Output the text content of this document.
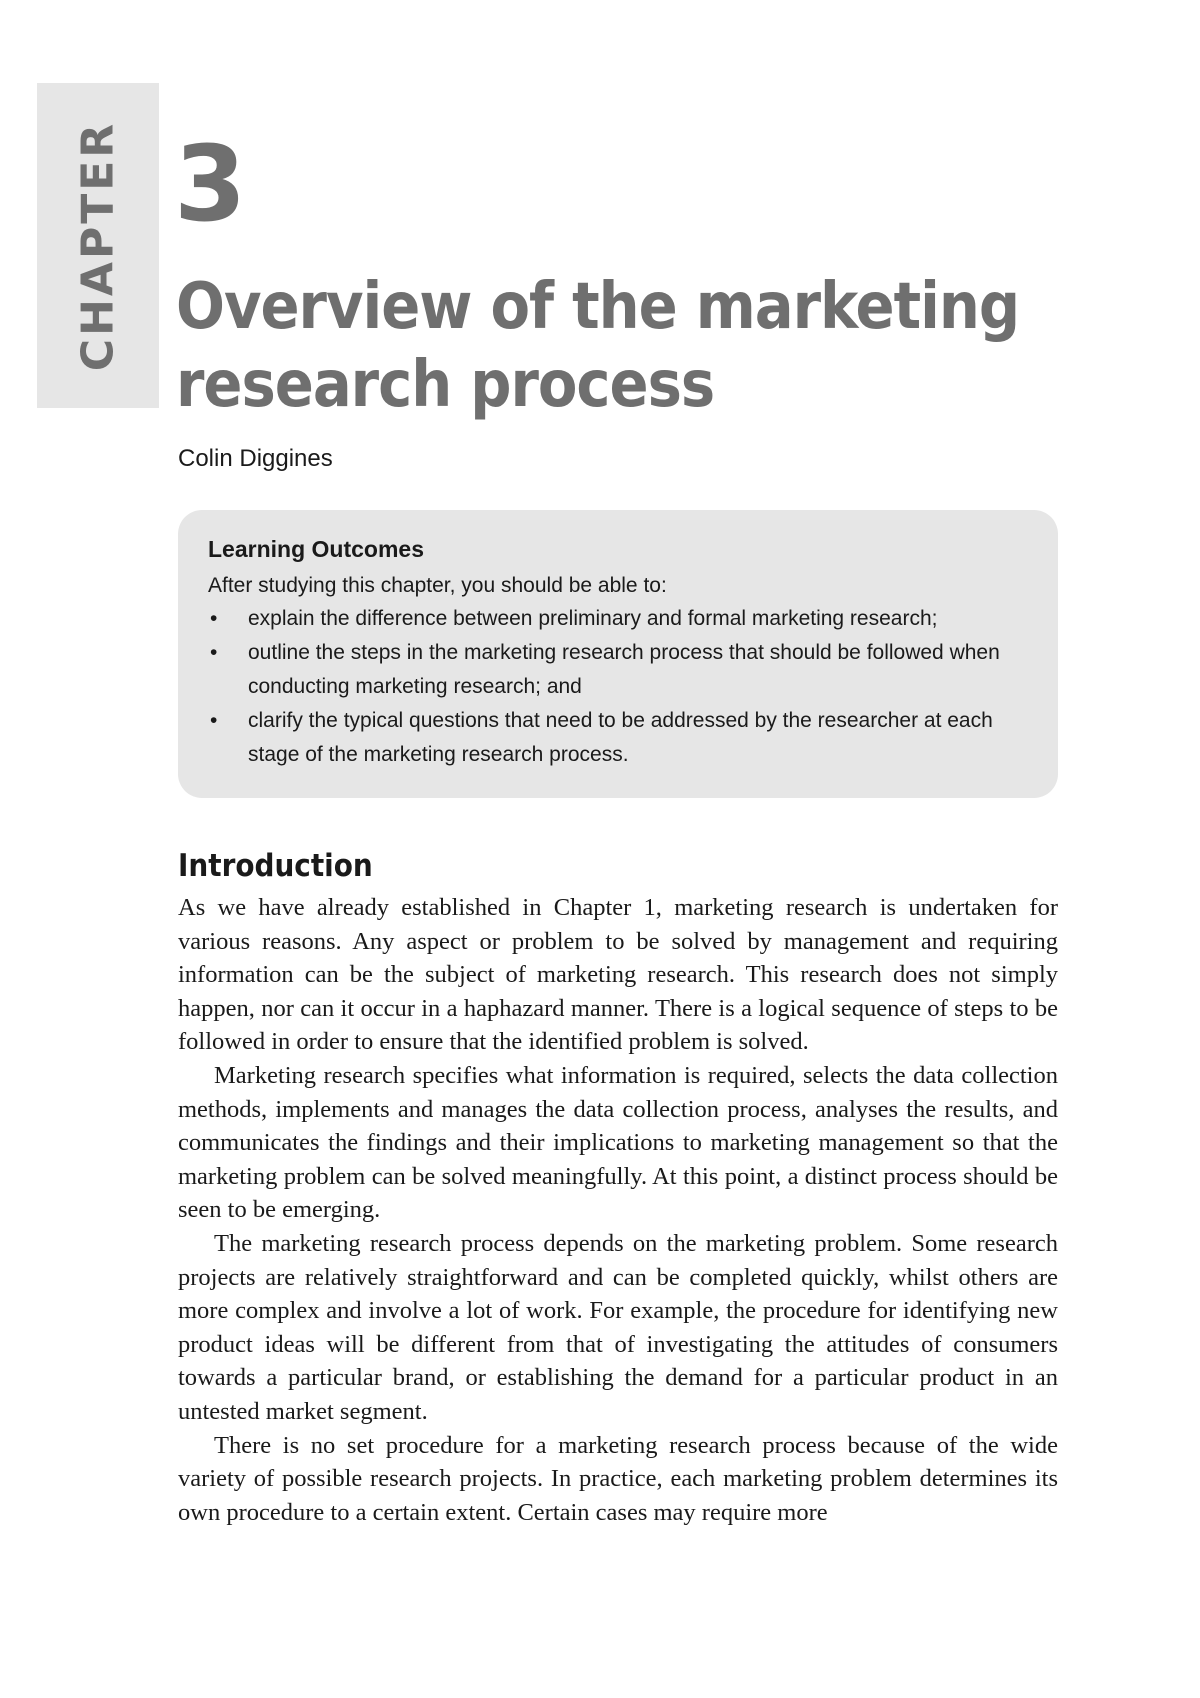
CHAPTER 3
Overview of the marketing
research process
Colin Diggines
Learning Outcomes

After studying this chapter, you should be able to:

• explain the difference between preliminary and formal marketing research;
• outline the steps in the marketing research process that should be followed when conducting marketing research; and
• clarify the typical questions that need to be addressed by the researcher at each stage of the marketing research process.
Introduction

As we have already established in Chapter 1, marketing research is undertaken for various reasons. Any aspect or problem to be solved by management and requiring information can be the subject of marketing research. This research does not simply happen, nor can it occur in a haphazard manner. There is a logical sequence of steps to be followed in order to ensure that the identified problem is solved.

Marketing research specifies what information is required, selects the data collection methods, implements and manages the data collection process, analyses the results, and communicates the findings and their implications to marketing management so that the marketing problem can be solved meaningfully. At this point, a distinct process should be seen to be emerging.

The marketing research process depends on the marketing problem. Some research projects are relatively straightforward and can be completed quickly, whilst others are more complex and involve a lot of work. For example, the procedure for identifying new product ideas will be different from that of investigating the attitudes of consumers towards a particular brand, or establishing the demand for a particular product in an untested market segment.

There is no set procedure for a marketing research process because of the wide variety of possible research projects. In practice, each marketing problem determines its own procedure to a certain extent. Certain cases may require more
